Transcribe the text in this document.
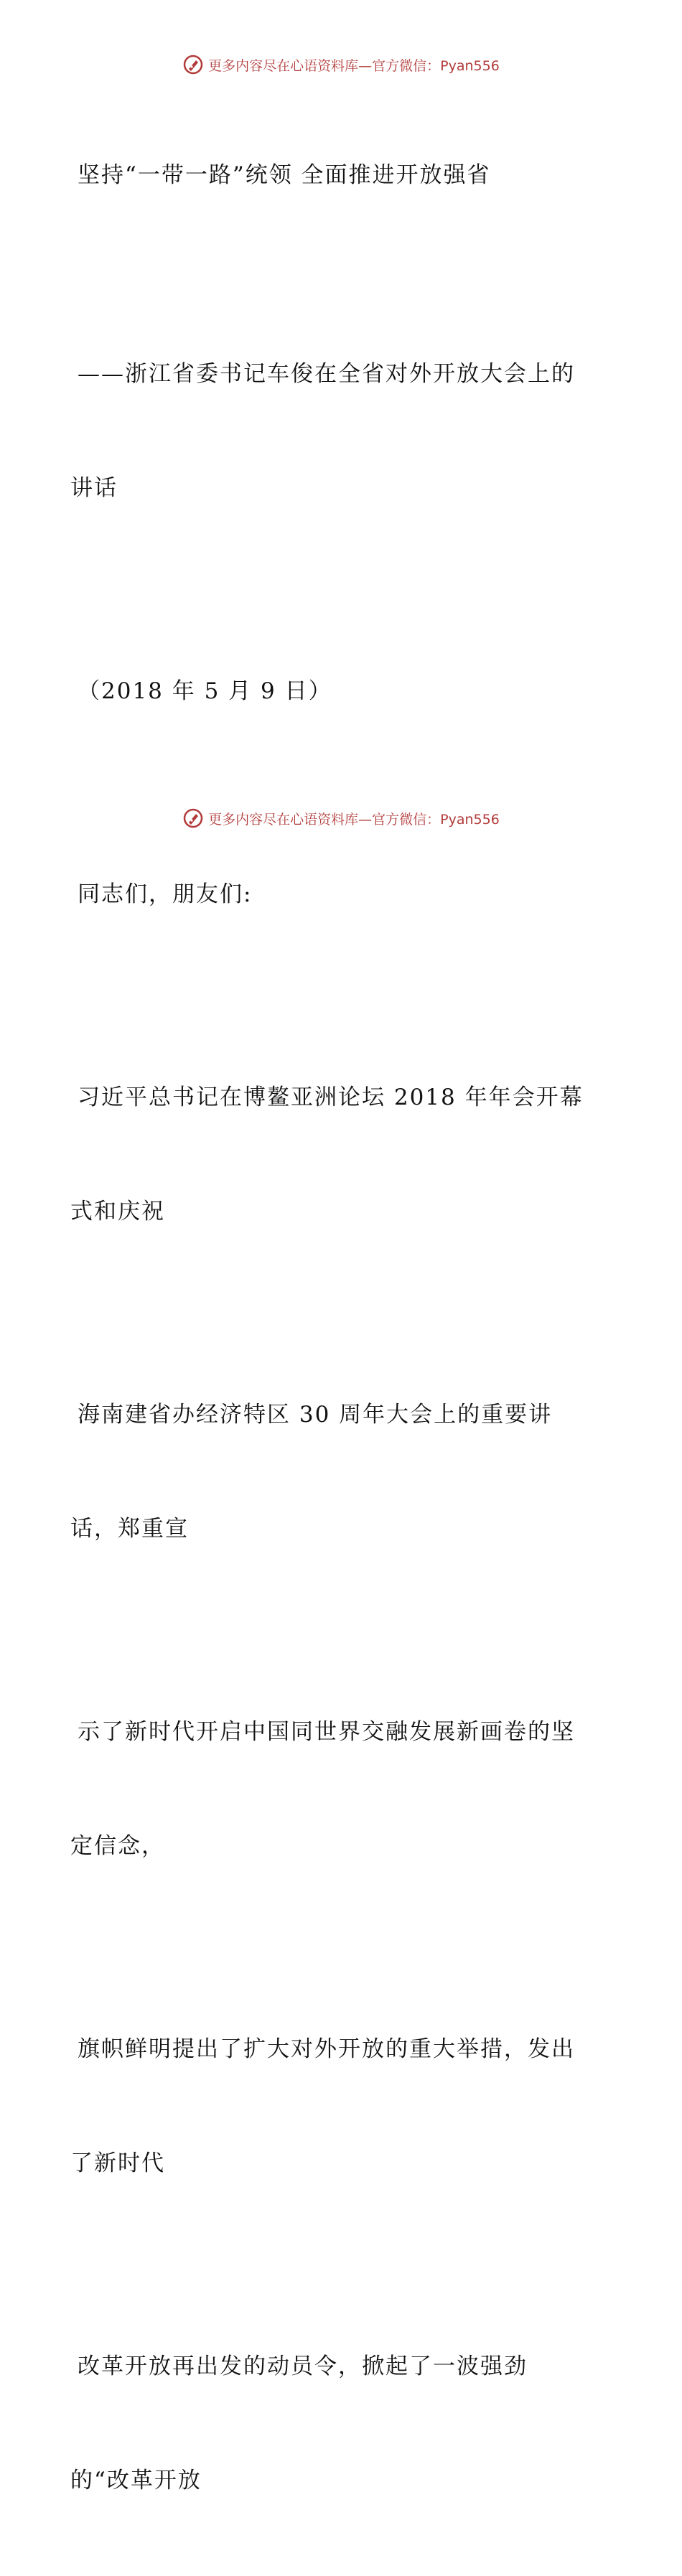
更多内容尽在心语资料库—官方微信：Pyan556

坚持“一带一路”统领 全面推进开放强省

——浙江省委书记车俊在全省对外开放大会上的

讲话

（2018 年 5 月 9 日）

同志们，朋友们:

习近平总书记在博鳌亚洲论坛 2018 年年会开幕

式和庆祝

海南建省办经济特区 30 周年大会上的重要讲

话，郑重宣

示了新时代开启中国同世界交融发展新画卷的坚

定信念，

旗帜鲜明提出了扩大对外开放的重大举措，发出

了新时代

改革开放再出发的动员令，掀起了一波强劲

的“改革开放

更多内容尽在心语资料库—官方微信：Pyan556
